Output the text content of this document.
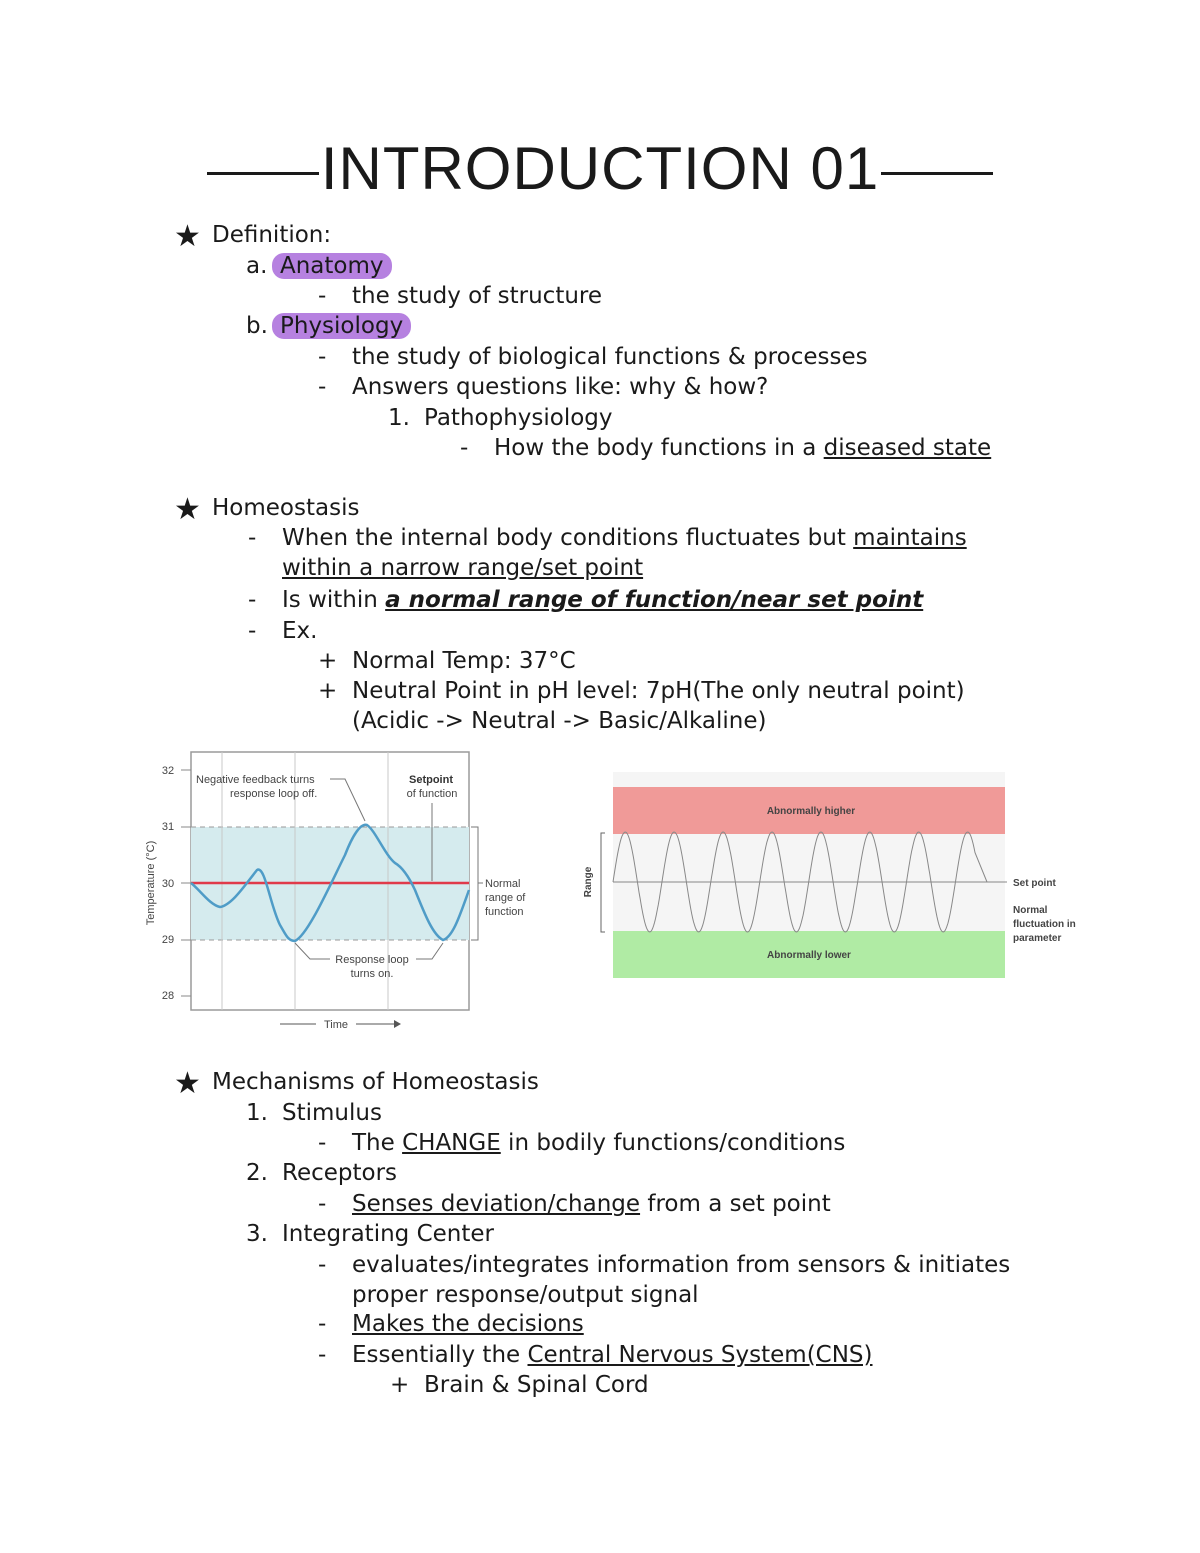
INTRODUCTION 01
★ Definition:
a. Anatomy
- the study of structure
b. Physiology
- the study of biological functions & processes
- Answers questions like: why & how?
1. Pathophysiology
- How the body functions in a diseased state
★ Homeostasis
- When the internal body conditions fluctuates but maintains
within a narrow range/set point
- Is within a normal range of function/near set point
- Ex.
+ Normal Temp: 37°C
+ Neutral Point in pH level: 7pH(The only neutral point)
(Acidic -> Neutral -> Basic/Alkaline)
32
31
30
29
28
Temperature (°C)
Time
Negative feedback turns
response loop off.
Setpoint
of function
Normal
range of
function
Response loop
turns on.
Abnormally higher
Abnormally lower
Range	Set point
Normal
fluctuation in
parameter
★ Mechanisms of Homeostasis
1. Stimulus
- The CHANGE in bodily functions/conditions
2. Receptors
- Senses deviation/change from a set point
3. Integrating Center
- evaluates/integrates information from sensors & initiates
proper response/output signal
- Makes the decisions
- Essentially the Central Nervous System(CNS)
+ Brain & Spinal Cord
